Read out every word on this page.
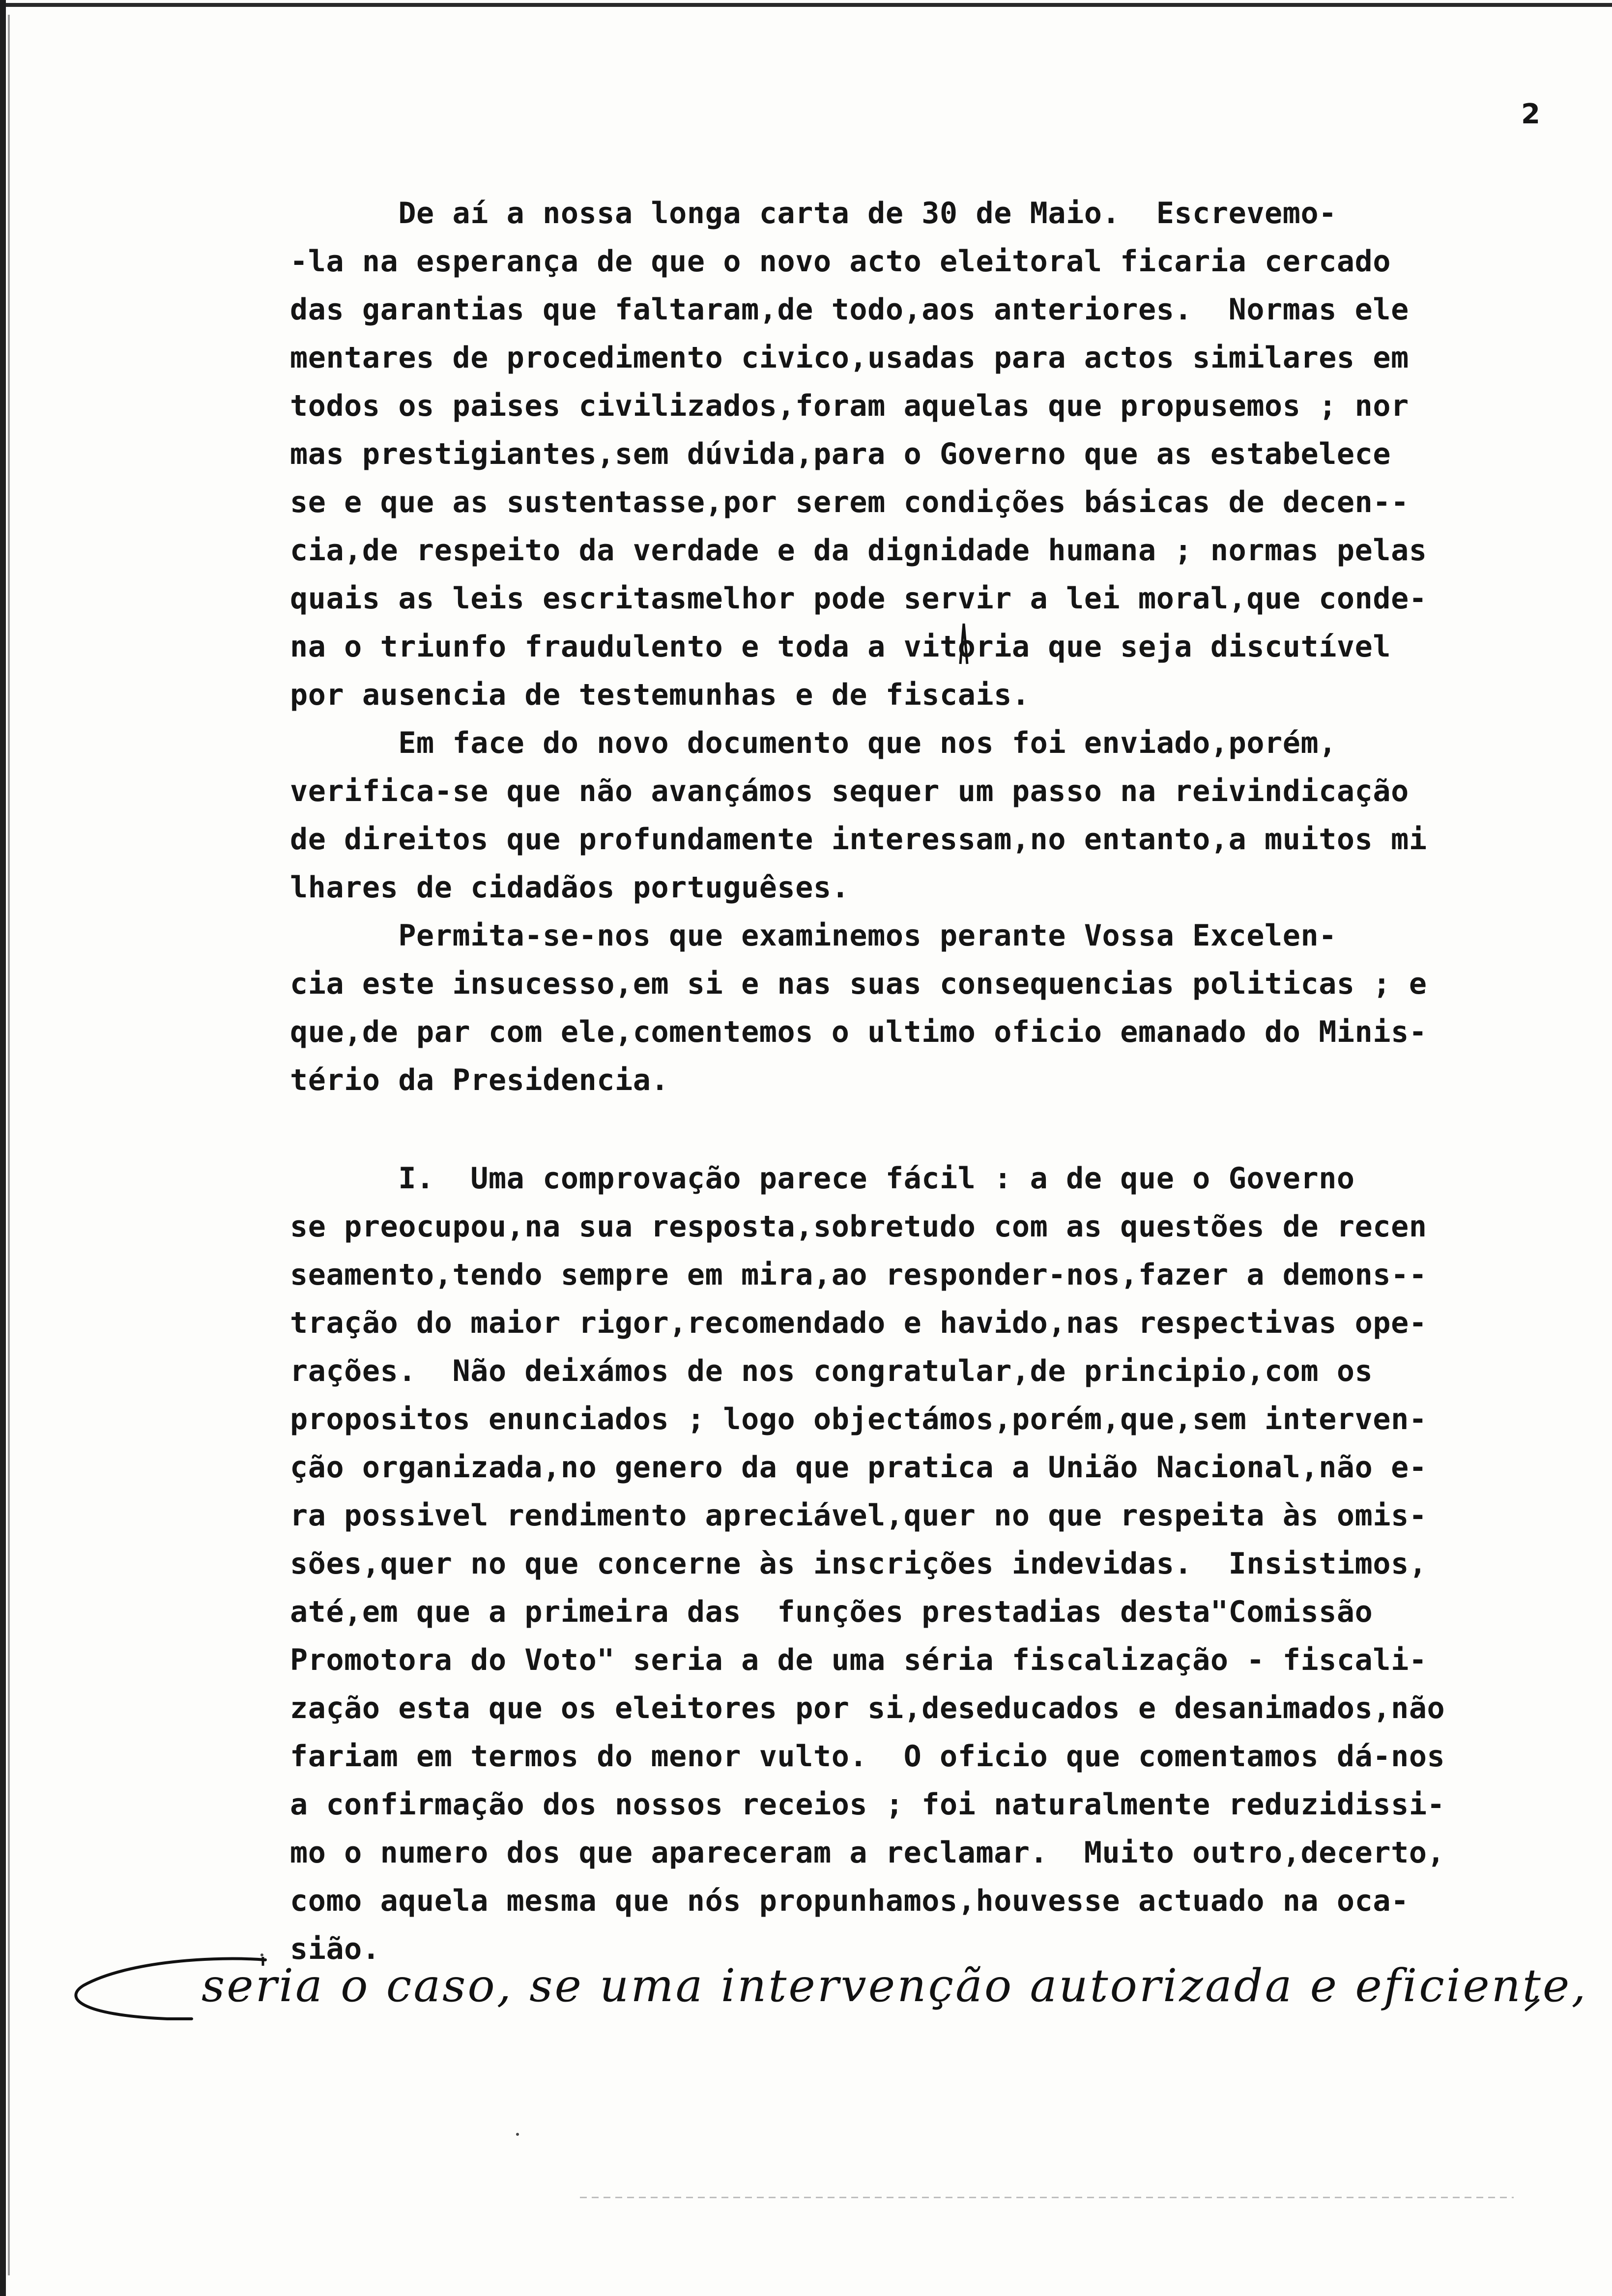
2
De aí a nossa longa carta de 30 de Maio.  Escrevemo-
-la na esperança de que o novo acto eleitoral ficaria cercado
das garantias que faltaram,de todo,aos anteriores.  Normas ele
mentares de procedimento civico,usadas para actos similares em
todos os paises civilizados,foram aquelas que propusemos ; nor
mas prestigiantes,sem dúvida,para o Governo que as estabelece
se e que as sustentasse,por serem condições básicas de decen--
cia,de respeito da verdade e da dignidade humana ; normas pelas
quais as leis escritasmelhor pode servir a lei moral,que conde-
na o triunfo fraudulento e toda a vitoria que seja discutível
por ausencia de testemunhas e de fiscais.
Em face do novo documento que nos foi enviado,porém,
verifica-se que não avançámos sequer um passo na reivindicação
de direitos que profundamente interessam,no entanto,a muitos mi
lhares de cidadãos portuguêses.
Permita-se-nos que examinemos perante Vossa Excelen-
cia este insucesso,em si e nas suas consequencias politicas ; e
que,de par com ele,comentemos o ultimo oficio emanado do Minis-
tério da Presidencia.
I.  Uma comprovação parece fácil : a de que o Governo
se preocupou,na sua resposta,sobretudo com as questões de recen
seamento,tendo sempre em mira,ao responder-nos,fazer a demons--
tração do maior rigor,recomendado e havido,nas respectivas ope-
rações.  Não deixámos de nos congratular,de principio,com os
propositos enunciados ; logo objectámos,porém,que,sem interven-
ção organizada,no genero da que pratica a União Nacional,não e-
ra possivel rendimento apreciável,quer no que respeita às omis-
sões,quer no que concerne às inscrições indevidas.  Insistimos,
até,em que a primeira das  funções prestadias desta"Comissão
Promotora do Voto" seria a de uma séria fiscalização - fiscali-
zação esta que os eleitores por si,deseducados e desanimados,não
fariam em termos do menor vulto.  O oficio que comentamos dá-nos
a confirmação dos nossos receios ; foi naturalmente reduzidissi-
mo o numero dos que apareceram a reclamar.  Muito outro,decerto,
como aquela mesma que nós propunhamos,houvesse actuado na oca-
sião.
seria o caso, se uma intervenção autorizada e eficiente,
